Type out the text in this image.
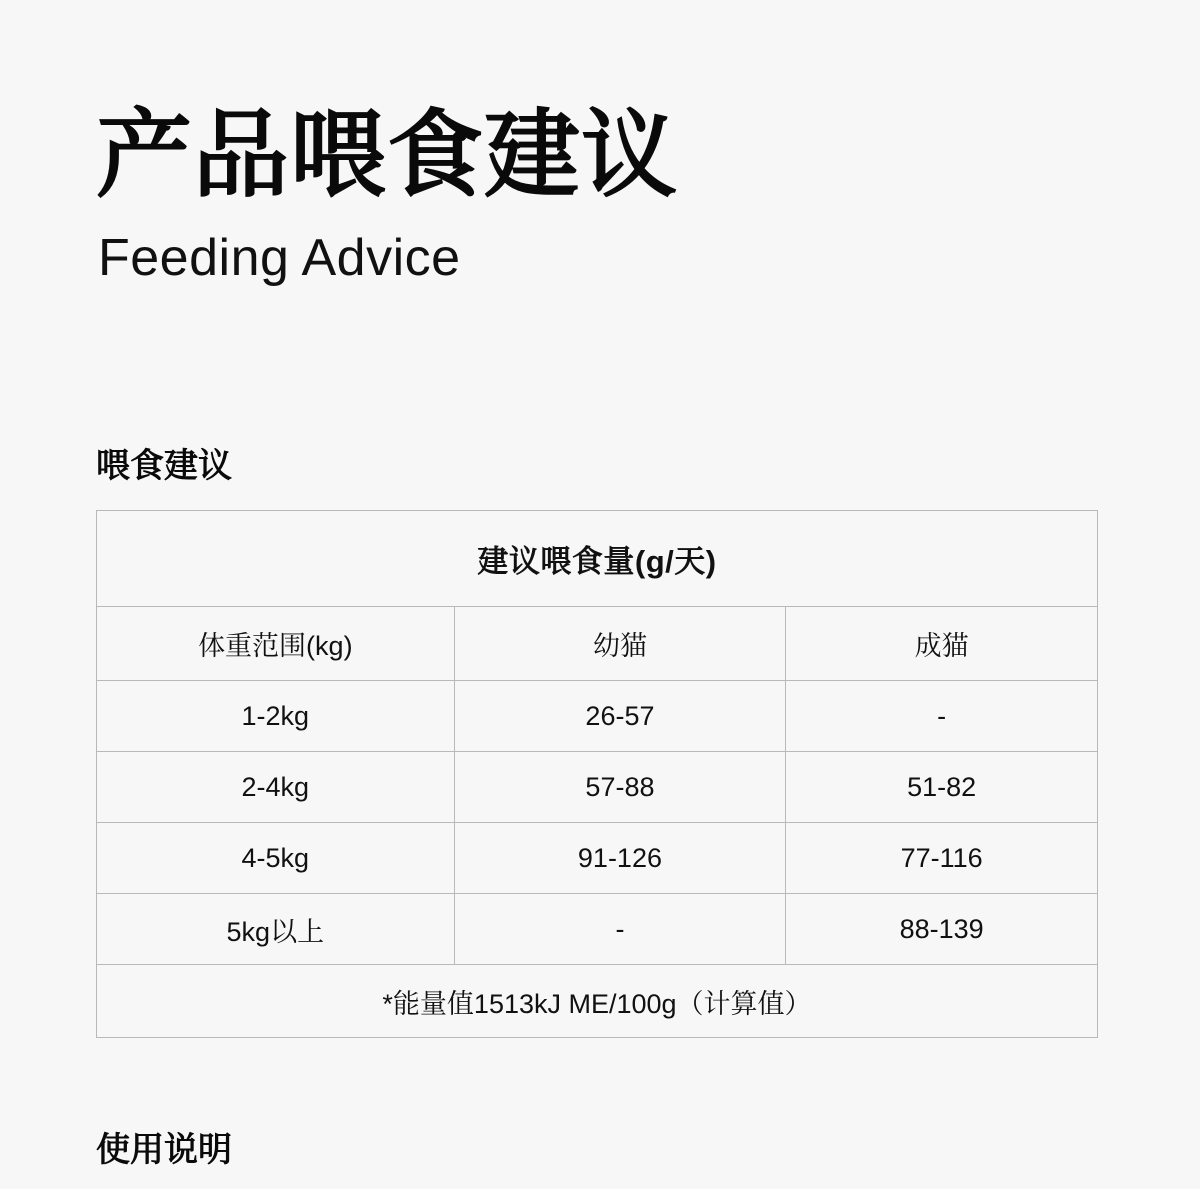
产品喂食建议
Feeding Advice
喂食建议
建议喂食量(g/天)		
体重范围(kg)	幼猫	成猫
1-2kg	26-57	-
2-4kg	57-88	51-82
4-5kg	91-126	77-116
5kg以上	-	88-139
*能量值1513kJ ME/100g（计算值）		
使用说明
